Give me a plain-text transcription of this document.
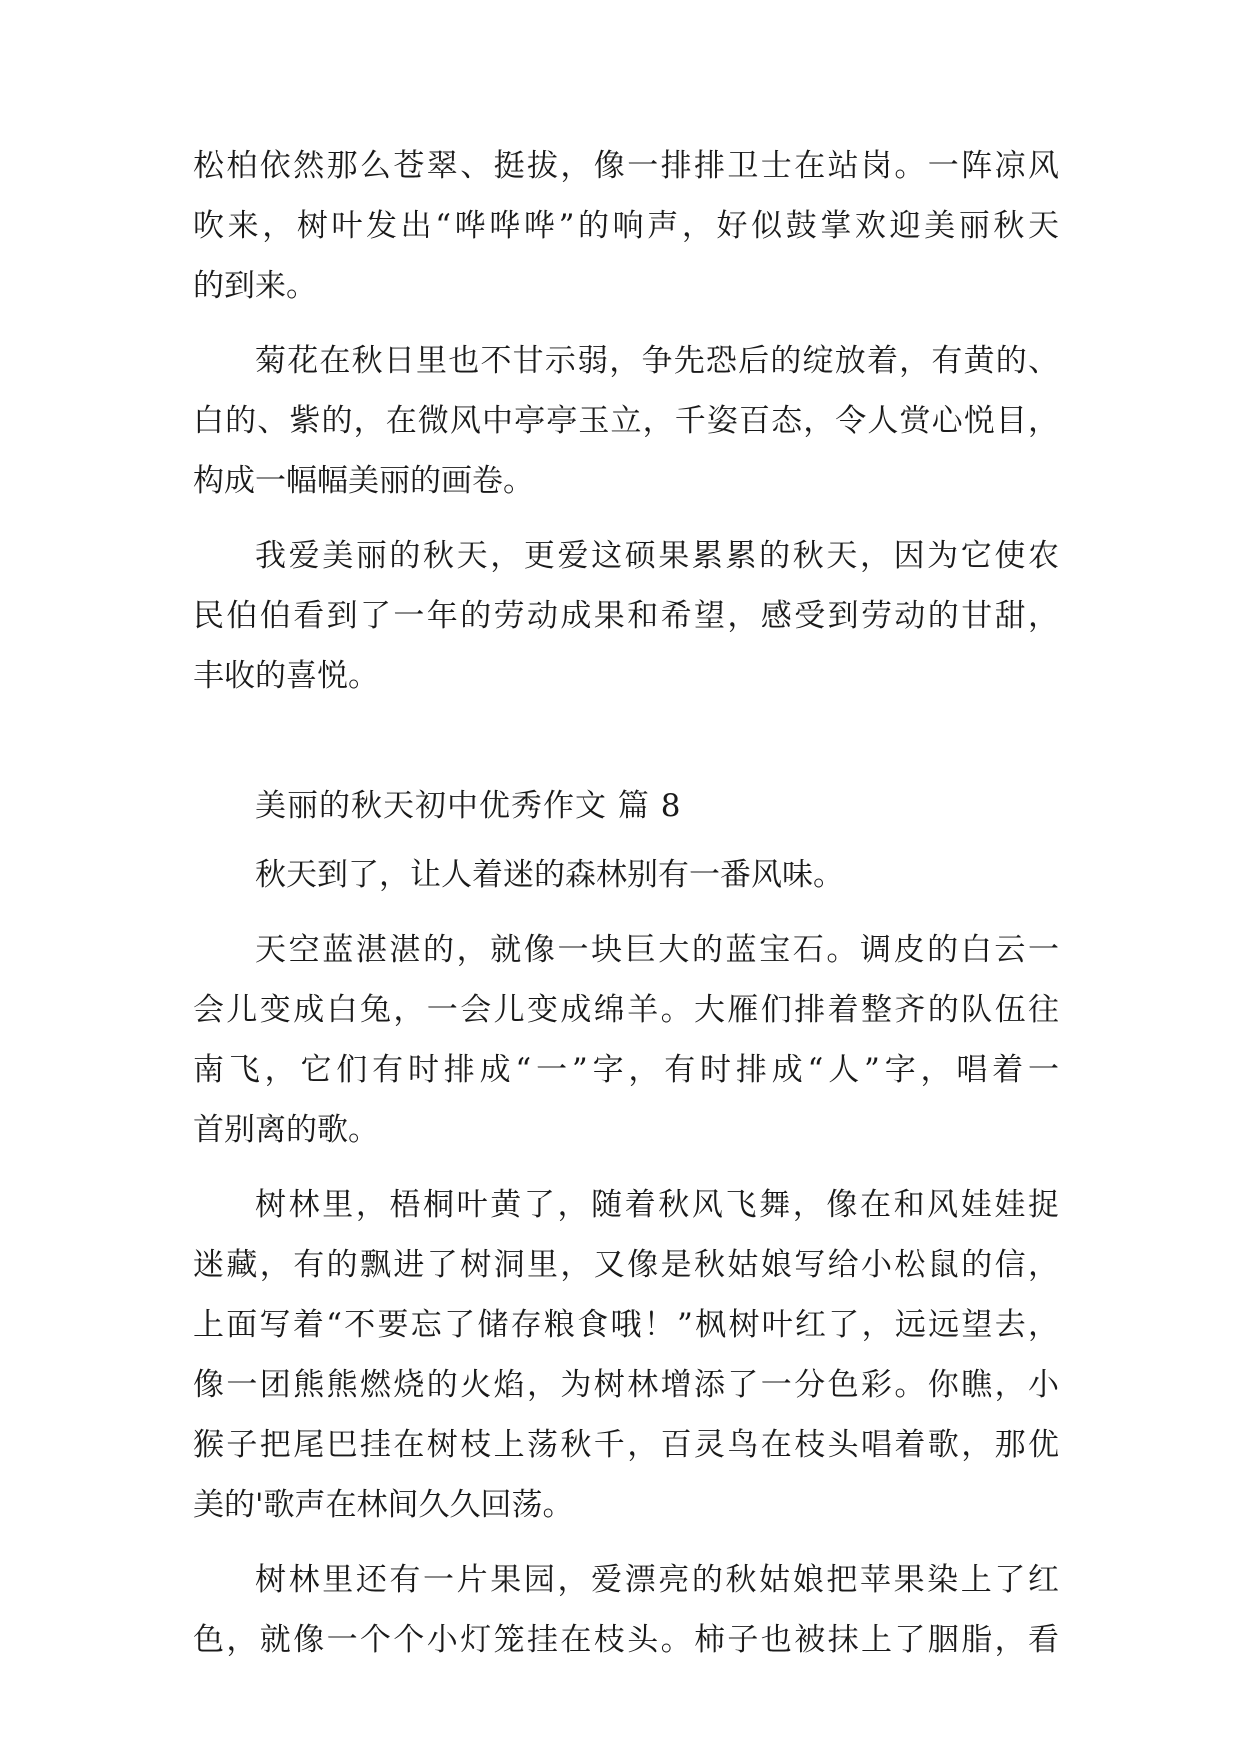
松柏依然那么苍翠、挺拔，像一排排卫士在站岗。一阵凉风
吹来，树叶发出“哗哗哗”的响声，好似鼓掌欢迎美丽秋天
的到来。
菊花在秋日里也不甘示弱，争先恐后的绽放着，有黄的、
白的、紫的，在微风中亭亭玉立，千姿百态，令人赏心悦目，
构成一幅幅美丽的画卷。
我爱美丽的秋天，更爱这硕果累累的秋天，因为它使农
民伯伯看到了一年的劳动成果和希望，感受到劳动的甘甜，
丰收的喜悦。
美丽的秋天初中优秀作文 篇 8
秋天到了，让人着迷的森林别有一番风味。
天空蓝湛湛的，就像一块巨大的蓝宝石。调皮的白云一
会儿变成白兔，一会儿变成绵羊。大雁们排着整齐的队伍往
南飞，它们有时排成“一”字，有时排成“人”字，唱着一
首别离的歌。
树林里，梧桐叶黄了，随着秋风飞舞，像在和风娃娃捉
迷藏，有的飘进了树洞里，又像是秋姑娘写给小松鼠的信，
上面写着“不要忘了储存粮食哦！”枫树叶红了，远远望去，
像一团熊熊燃烧的火焰，为树林增添了一分色彩。你瞧，小
猴子把尾巴挂在树枝上荡秋千，百灵鸟在枝头唱着歌，那优
美的'歌声在林间久久回荡。
树林里还有一片果园，爱漂亮的秋姑娘把苹果染上了红
色，就像一个个小灯笼挂在枝头。柿子也被抹上了胭脂，看
